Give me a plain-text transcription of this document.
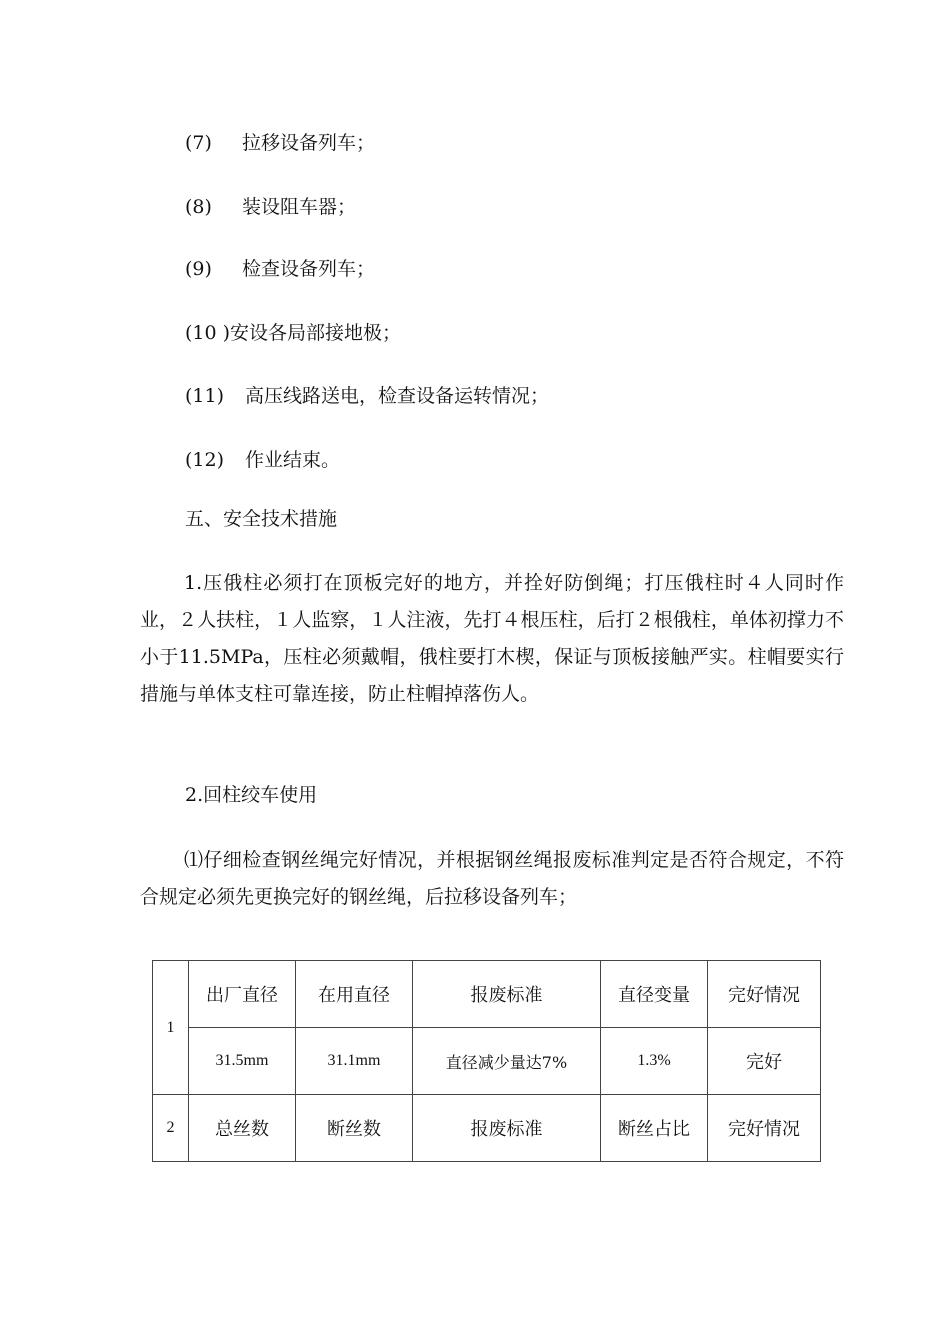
(7) 拉移设备列车；
(8) 装设阻车器；
(9) 检查设备列车；
(10 )安设各局部接地极；
(11) 高压线路送电，检查设备运转情况；
(12) 作业结束。
五、安全技术措施
1.压俄柱必须打在顶板完好的地方，并拴好防倒绳；打压俄柱时４人同时作业，２人扶柱，１人监察，１人注液，先打４根压柱，后打２根俄柱，单体初撑力不小于11.5MPa，压柱必须戴帽，俄柱要打木楔，保证与顶板接触严实。柱帽要实行措施与单体支柱可靠连接，防止柱帽掉落伤人。
2.回柱绞车使用
⑴仔细检查钢丝绳完好情况，并根据钢丝绳报废标准判定是否符合规定，不符合规定必须先更换完好的钢丝绳，后拉移设备列车；
1	出厂直径	在用直径	报废标准	直径变量	完好情况
	31.5mm	31.1mm	直径减少量达7%	1.3%	完好
2	总丝数	断丝数	报废标准	断丝占比	完好情况
